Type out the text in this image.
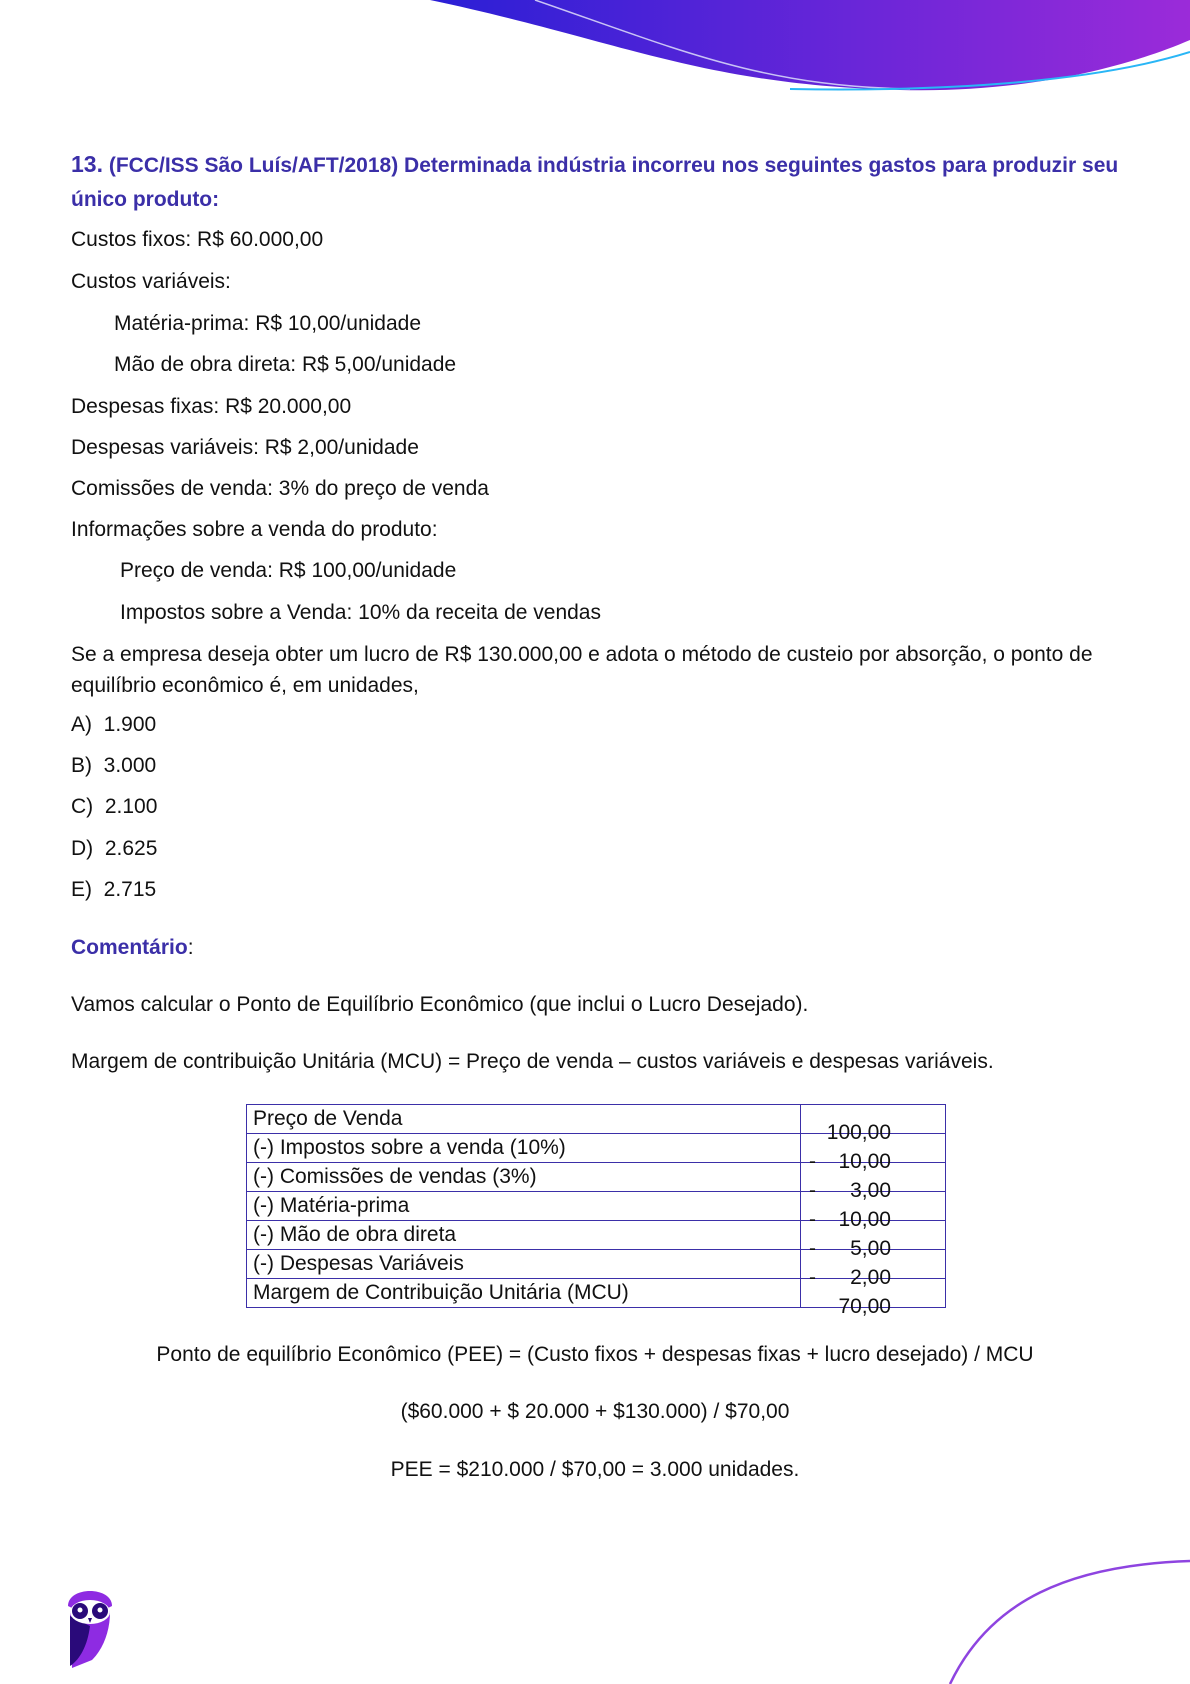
13. (FCC/ISS São Luís/AFT/2018) Determinada indústria incorreu nos seguintes gastos para produzir seu
único produto:
Custos fixos: R$ 60.000,00
Custos variáveis:
Matéria-prima: R$ 10,00/unidade
Mão de obra direta: R$ 5,00/unidade
Despesas fixas: R$ 20.000,00
Despesas variáveis: R$ 2,00/unidade
Comissões de venda: 3% do preço de venda
Informações sobre a venda do produto:
Preço de venda: R$ 100,00/unidade
Impostos sobre a Venda: 10% da receita de vendas
Se a empresa deseja obter um lucro de R$ 130.000,00 e adota o método de custeio por absorção, o ponto de equilíbrio econômico é, em unidades,
A) 1.900
B) 3.000
C) 2.100
D) 2.625
E) 2.715
Comentário:
Vamos calcular o Ponto de Equilíbrio Econômico (que inclui o Lucro Desejado).
Margem de contribuição Unitária (MCU) = Preço de venda – custos variáveis e despesas variáveis.
Preço de Venda	100,00

(-) Impostos sobre a venda (10%)	- 10,00

(-) Comissões de vendas (3%)	- 3,00

(-) Matéria-prima	- 10,00

(-) Mão de obra direta	- 5,00

(-) Despesas Variáveis	- 2,00

Margem de Contribuição Unitária (MCU)	70,00
Ponto de equilíbrio Econômico (PEE) = (Custo fixos + despesas fixas + lucro desejado) / MCU
($60.000 + $ 20.000 + $130.000) / $70,00
PEE = $210.000 / $70,00 = 3.000 unidades.
